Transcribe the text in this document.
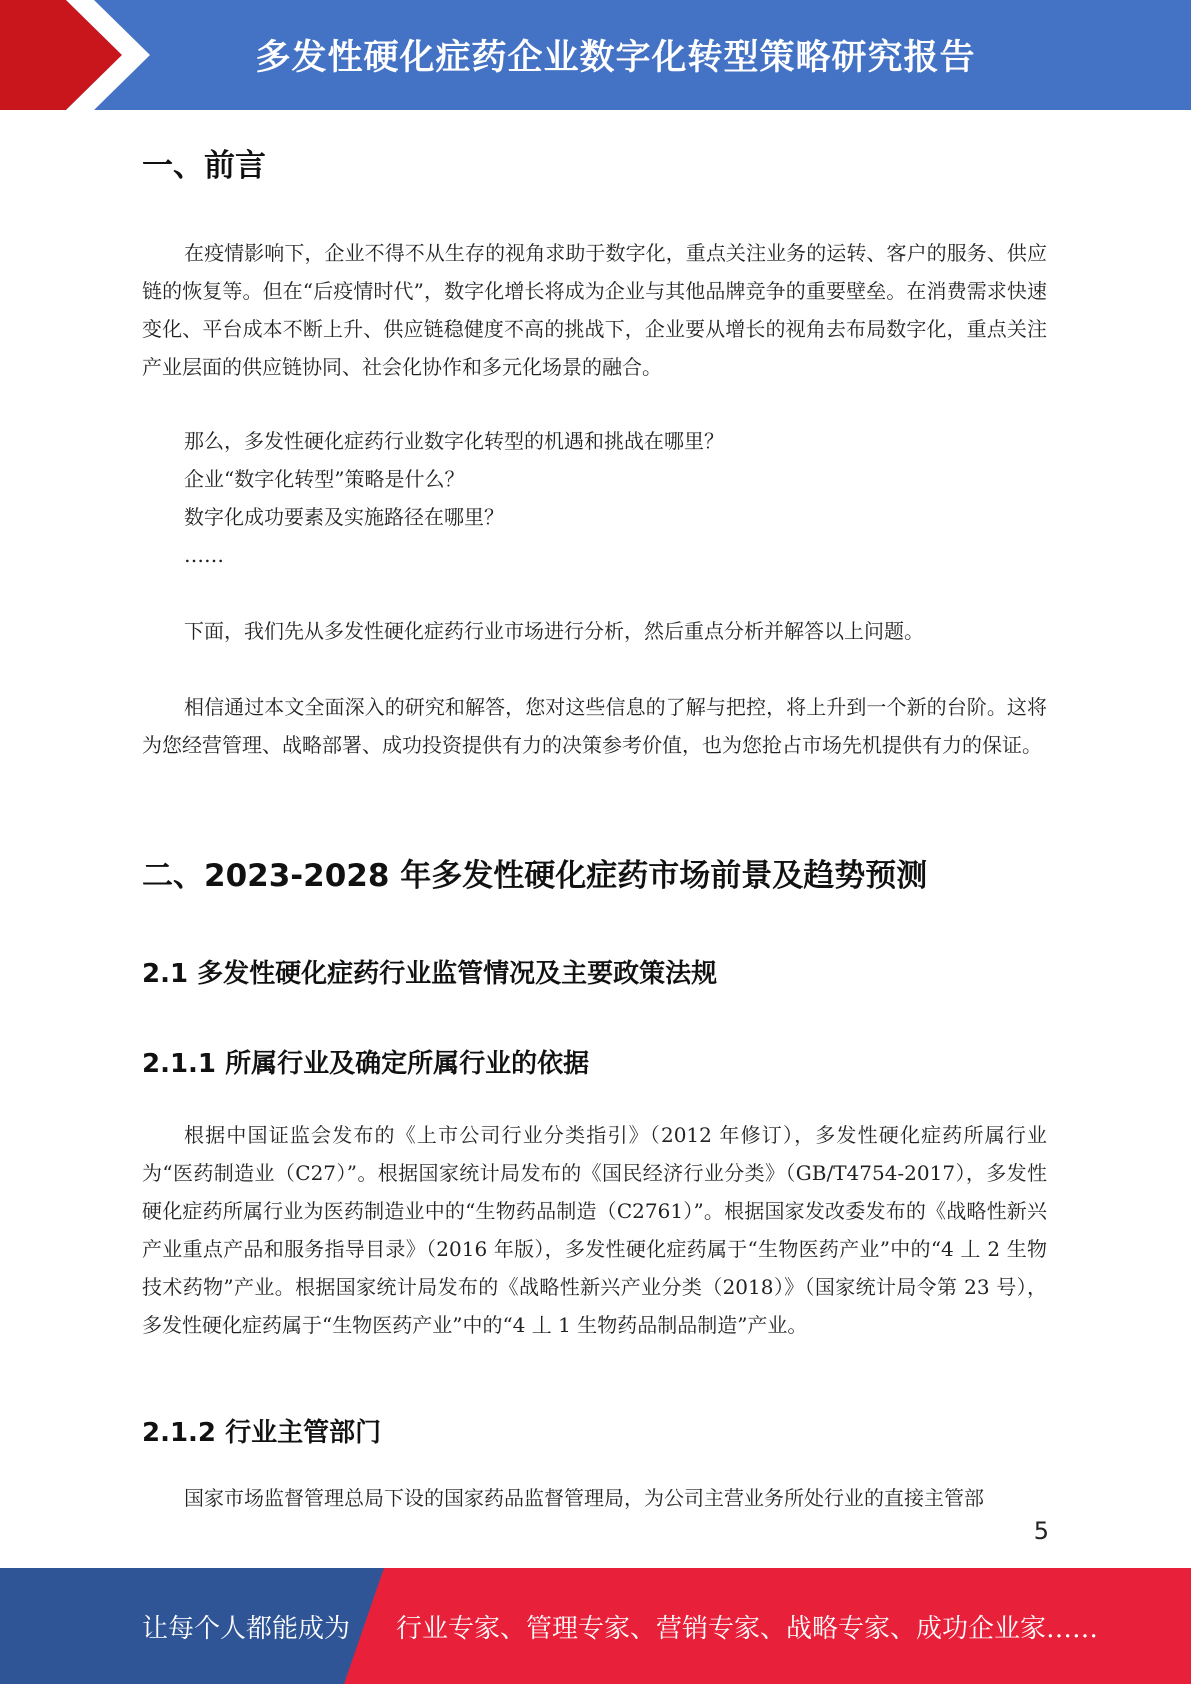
多发性硬化症药企业数字化转型策略研究报告
一、前言

在疫情影响下，企业不得不从生存的视角求助于数字化，重点关注业务的运转、客户的服务、供应链的恢复等。但在“后疫情时代”，数字化增长将成为企业与其他品牌竞争的重要壁垒。在消费需求快速变化、平台成本不断上升、供应链稳健度不高的挑战下，企业要从增长的视角去布局数字化，重点关注产业层面的供应链协同、社会化协作和多元化场景的融合。

那么，多发性硬化症药行业数字化转型的机遇和挑战在哪里？

企业“数字化转型”策略是什么？

数字化成功要素及实施路径在哪里？

……

下面，我们先从多发性硬化症药行业市场进行分析，然后重点分析并解答以上问题。

相信通过本文全面深入的研究和解答，您对这些信息的了解与把控，将上升到一个新的台阶。这将为您经营管理、战略部署、成功投资提供有力的决策参考价值，也为您抢占市场先机提供有力的保证。

二、2023-2028 年多发性硬化症药市场前景及趋势预测
2.1 多发性硬化症药行业监管情况及主要政策法规
2.1.1 所属行业及确定所属行业的依据

根据中国证监会发布的《上市公司行业分类指引》（2012 年修订），多发性硬化症药所属行业为“医药制造业（C27）”。根据国家统计局发布的《国民经济行业分类》（GB/T4754-2017），多发性硬化症药所属行业为医药制造业中的“生物药品制造（C2761）”。根据国家发改委发布的《战略性新兴产业重点产品和服务指导目录》（2016 年版），多发性硬化症药属于“生物医药产业”中的“4 丄 2 生物技术药物”产业。根据国家统计局发布的《战略性新兴产业分类（2018）》（国家统计局令第 23 号），多发性硬化症药属于“生物医药产业”中的“4 丄 1 生物药品制品制造”产业。

2.1.2 行业主管部门

国家市场监督管理总局下设的国家药品监督管理局，为公司主营业务所处行业的直接主管部

5
让每个人都能成为 行业专家、管理专家、营销专家、战略专家、成功企业家……
